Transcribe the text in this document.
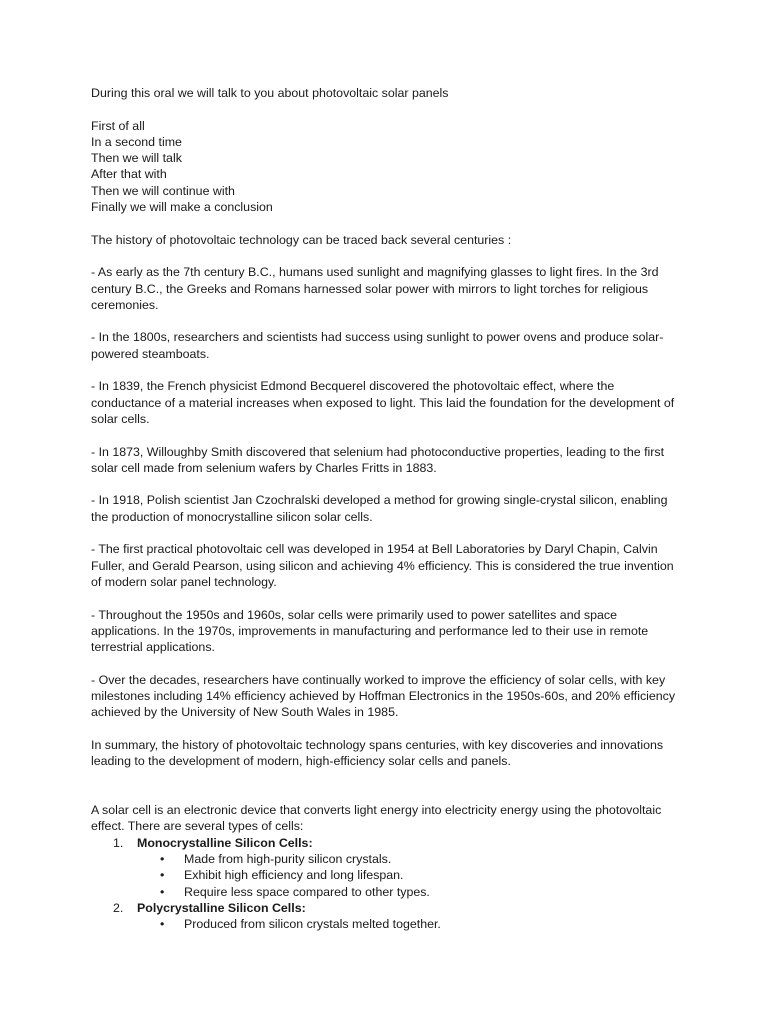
During this oral we will talk to you about photovoltaic solar panels

First of all

In a second time

Then we will talk

After that with

Then we will continue with

Finally we will make a conclusion

The history of photovoltaic technology can be traced back several centuries :

- As early as the 7th century B.C., humans used sunlight and magnifying glasses to light fires. In the 3rd century B.C., the Greeks and Romans harnessed solar power with mirrors to light torches for religious ceremonies.

- In the 1800s, researchers and scientists had success using sunlight to power ovens and produce solar-powered steamboats.

- In 1839, the French physicist Edmond Becquerel discovered the photovoltaic effect, where the conductance of a material increases when exposed to light. This laid the foundation for the development of solar cells.

- In 1873, Willoughby Smith discovered that selenium had photoconductive properties, leading to the first solar cell made from selenium wafers by Charles Fritts in 1883.

- In 1918, Polish scientist Jan Czochralski developed a method for growing single-crystal silicon, enabling the production of monocrystalline silicon solar cells.

- The first practical photovoltaic cell was developed in 1954 at Bell Laboratories by Daryl Chapin, Calvin Fuller, and Gerald Pearson, using silicon and achieving 4% efficiency. This is considered the true invention of modern solar panel technology.

- Throughout the 1950s and 1960s, solar cells were primarily used to power satellites and space applications. In the 1970s, improvements in manufacturing and performance led to their use in remote terrestrial applications.

- Over the decades, researchers have continually worked to improve the efficiency of solar cells, with key milestones including 14% efficiency achieved by Hoffman Electronics in the 1950s-60s, and 20% efficiency achieved by the University of New South Wales in 1985.

In summary, the history of photovoltaic technology spans centuries, with key discoveries and innovations leading to the development of modern, high-efficiency solar cells and panels.

A solar cell is an electronic device that converts light energy into electricity energy using the photovoltaic effect. There are several types of cells:

1. Monocrystalline Silicon Cells:
• Made from high-purity silicon crystals.
• Exhibit high efficiency and long lifespan.
• Require less space compared to other types.
2. Polycrystalline Silicon Cells:
• Produced from silicon crystals melted together.
